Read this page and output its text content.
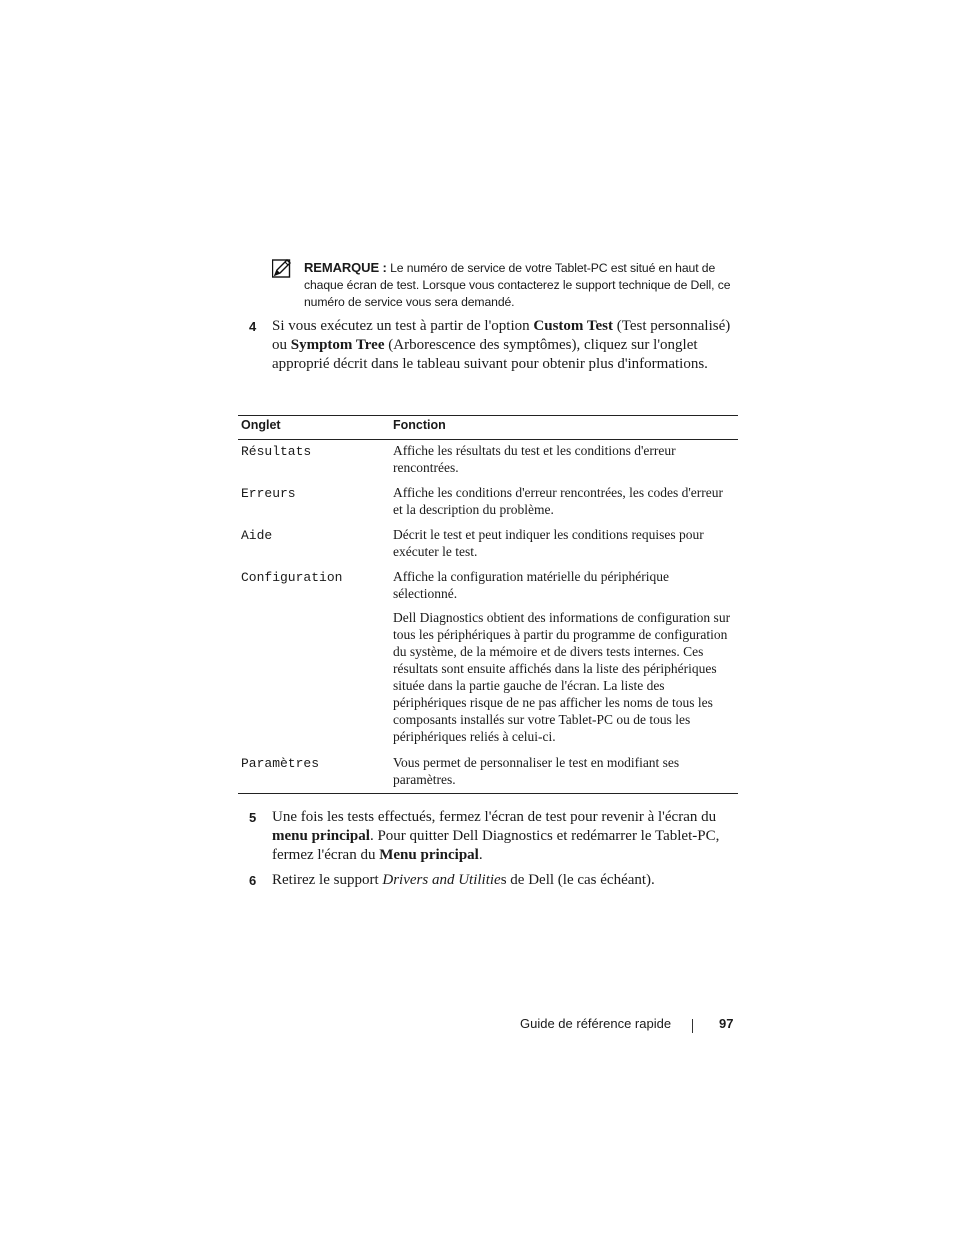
REMARQUE : Le numéro de service de votre Tablet-PC est situé en haut de chaque écran de test. Lorsque vous contacterez le support technique de Dell, ce numéro de service vous sera demandé.
4 Si vous exécutez un test à partir de l'option Custom Test (Test personnalisé) ou Symptom Tree (Arborescence des symptômes), cliquez sur l'onglet approprié décrit dans le tableau suivant pour obtenir plus d'informations.
Onglet	Fonction
Résultats	Affiche les résultats du test et les conditions d'erreur rencontrées.
Erreurs	Affiche les conditions d'erreur rencontrées, les codes d'erreur et la description du problème.
Aide	Décrit le test et peut indiquer les conditions requises pour exécuter le test.
Configuration	Affiche la configuration matérielle du périphérique sélectionné.
Dell Diagnostics obtient des informations de configuration sur tous les périphériques à partir du programme de configuration du système, de la mémoire et de divers tests internes. Ces résultats sont ensuite affichés dans la liste des périphériques située dans la partie gauche de l'écran. La liste des périphériques risque de ne pas afficher les noms de tous les composants installés sur votre Tablet-PC ou de tous les périphériques reliés à celui-ci.
Paramètres	Vous permet de personnaliser le test en modifiant ses paramètres.
5 Une fois les tests effectués, fermez l'écran de test pour revenir à l'écran du menu principal. Pour quitter Dell Diagnostics et redémarrer le Tablet-PC, fermez l'écran du Menu principal.
6 Retirez le support Drivers and Utilities de Dell (le cas échéant).
Guide de référence rapide	97
